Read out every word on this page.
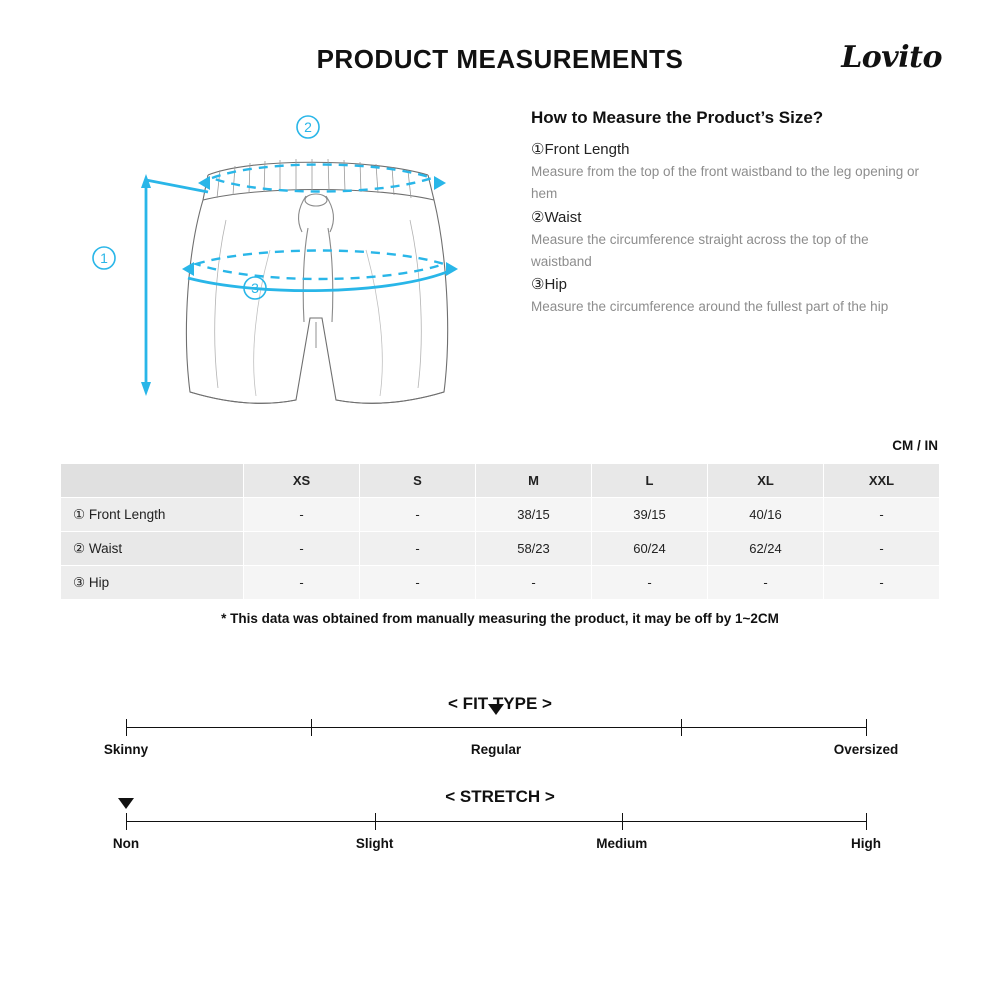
PRODUCT MEASUREMENTS	Lovito
2
1
3
How to Measure the Product’s Size?
①Front Length

Measure from the top of the front waistband to the leg opening or hem

②Waist

Measure the circumference straight across the top of the waistband

③Hip

Measure the circumference around the fullest part of the hip

CM / IN
	XS	S	M	L	XL	XXL
① Front Length	-	-	38/15	39/15	40/16	-
② Waist	-	-	58/23	60/24	62/24	-
③ Hip	-	-	-	-	-	-
* This data was obtained from manually measuring the product, it may be off by 1~2CM
< FIT TYPE >
Skinny	Regular	Oversized
< STRETCH >
Non	Slight	Medium	High
